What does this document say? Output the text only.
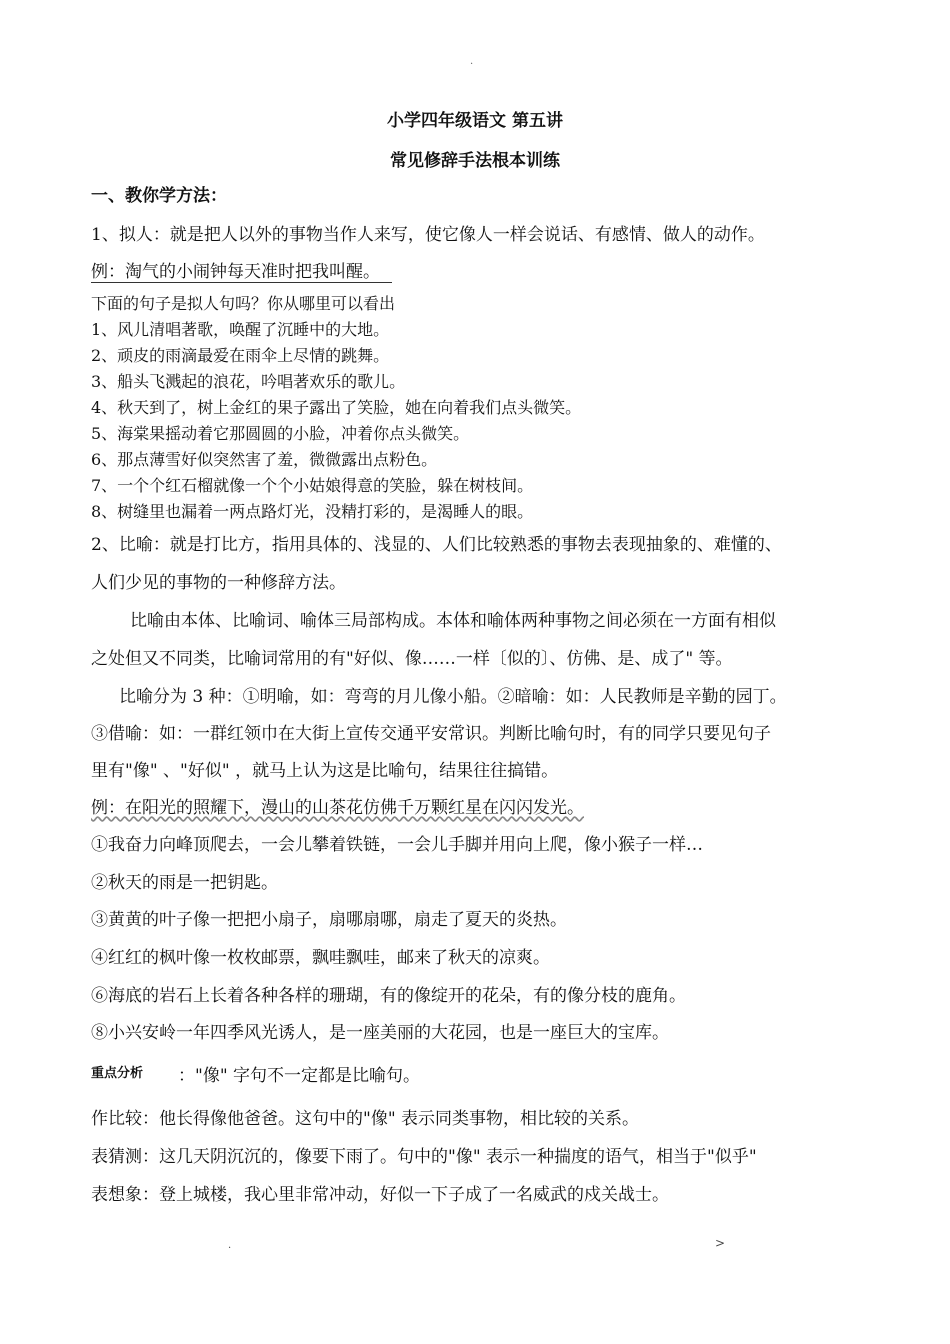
.
小学四年级语文 第五讲
常见修辞手法根本训练
一、教你学方法：
1、拟人：就是把人以外的事物当作人来写，使它像人一样会说话、有感情、做人的动作。
例：淘气的小闹钟每天准时把我叫醒。
下面的句子是拟人句吗？你从哪里可以看出
1、风儿清唱著歌，唤醒了沉睡中的大地。
2、顽皮的雨滴最爱在雨伞上尽情的跳舞。
3、船头飞溅起的浪花，吟唱著欢乐的歌儿。
4、秋天到了，树上金红的果子露出了笑脸，她在向着我们点头微笑。
5、海棠果摇动着它那圆圆的小脸，冲着你点头微笑。
6、那点薄雪好似突然害了羞，微微露出点粉色。
7、一个个红石榴就像一个个小姑娘得意的笑脸，躲在树枝间。
8、树缝里也漏着一两点路灯光，没精打彩的，是渴睡人的眼。
2、比喻：就是打比方，指用具体的、浅显的、人们比较熟悉的事物去表现抽象的、难懂的、
人们少见的事物的一种修辞方法。
比喻由本体、比喻词、喻体三局部构成。本体和喻体两种事物之间必须在一方面有相似
之处但又不同类，比喻词常用的有"好似、像……一样〔似的〕、仿佛、是、成了" 等。
比喻分为 3 种：①明喻，如：弯弯的月儿像小船。②暗喻：如：人民教师是辛勤的园丁。
③借喻：如：一群红领巾在大街上宣传交通平安常识。判断比喻句时，有的同学只要见句子
里有"像" 、"好似" ，就马上认为这是比喻句，结果往往搞错。
例：在阳光的照耀下，漫山的山茶花仿佛千万颗红星在闪闪发光。
①我奋力向峰顶爬去，一会儿攀着铁链，一会儿手脚并用向上爬，像小猴子一样…
②秋天的雨是一把钥匙。
③黄黄的叶子像一把把小扇子，扇哪扇哪，扇走了夏天的炎热。
④红红的枫叶像一枚枚邮票，飘哇飘哇，邮来了秋天的凉爽。
⑥海底的岩石上长着各种各样的珊瑚，有的像绽开的花朵，有的像分枝的鹿角。
⑧小兴安岭一年四季风光诱人，是一座美丽的大花园，也是一座巨大的宝库。
重点分析 ："像" 字句不一定都是比喻句。
作比较：他长得像他爸爸。这句中的"像" 表示同类事物，相比较的关系。
表猜测：这几天阴沉沉的，像要下雨了。句中的"像" 表示一种揣度的语气，相当于"似乎"
表想象：登上城楼，我心里非常冲动，好似一下子成了一名威武的戍关战士。
.	>
